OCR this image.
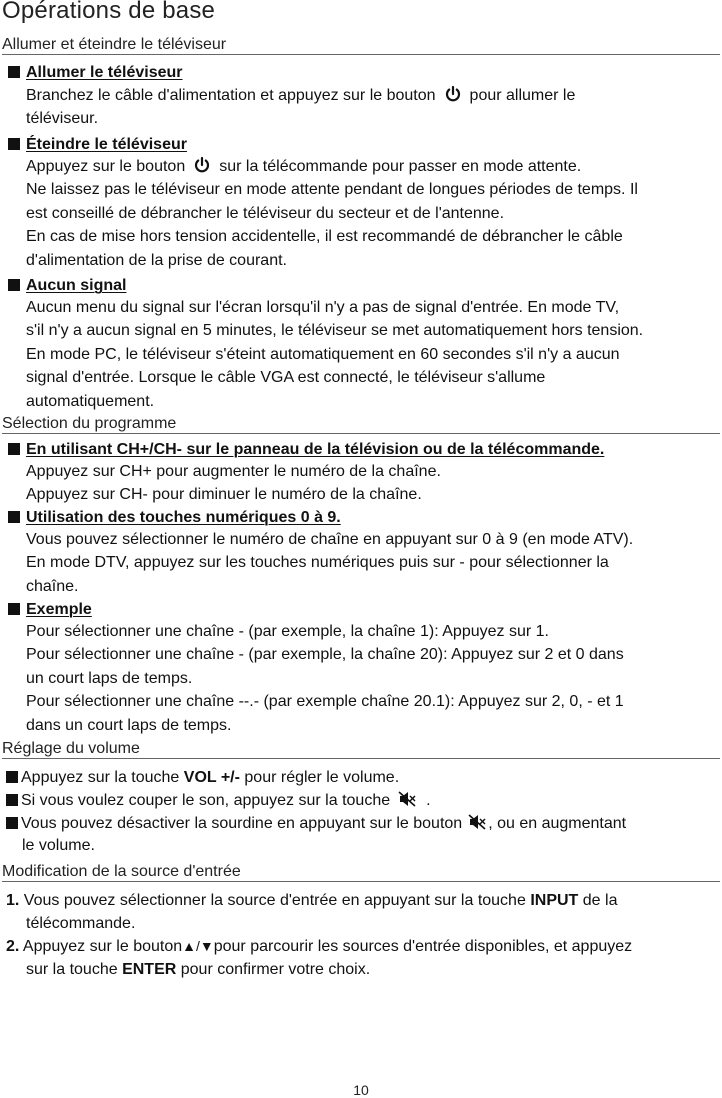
Opérations de base
Allumer et éteindre le téléviseur
Allumer le téléviseur
Branchez le câble d'alimentation et appuyez sur le bouton pour allumer le
téléviseur.
Éteindre le téléviseur
Appuyez sur le bouton sur la télécommande pour passer en mode attente.
Ne laissez pas le téléviseur en mode attente pendant de longues périodes de temps. Il
est conseillé de débrancher le téléviseur du secteur et de l'antenne.
En cas de mise hors tension accidentelle, il est recommandé de débrancher le câble
d'alimentation de la prise de courant.
Aucun signal
Aucun menu du signal sur l'écran lorsqu'il n'y a pas de signal d'entrée. En mode TV,
s'il n'y a aucun signal en 5 minutes, le téléviseur se met automatiquement hors tension.
En mode PC, le téléviseur s'éteint automatiquement en 60 secondes s'il n'y a aucun
signal d'entrée. Lorsque le câble VGA est connecté, le téléviseur s'allume
automatiquement.
Sélection du programme
En utilisant CH+/CH- sur le panneau de la télévision ou de la télécommande.
Appuyez sur CH+ pour augmenter le numéro de la chaîne.
Appuyez sur CH- pour diminuer le numéro de la chaîne.
Utilisation des touches numériques 0 à 9.
Vous pouvez sélectionner le numéro de chaîne en appuyant sur 0 à 9 (en mode ATV).
En mode DTV, appuyez sur les touches numériques puis sur - pour sélectionner la
chaîne.
Exemple
Pour sélectionner une chaîne - (par exemple, la chaîne 1): Appuyez sur 1.
Pour sélectionner une chaîne - (par exemple, la chaîne 20): Appuyez sur 2 et 0 dans
un court laps de temps.
Pour sélectionner une chaîne --.- (par exemple chaîne 20.1): Appuyez sur 2, 0, - et 1
dans un court laps de temps.
Réglage du volume
Appuyez sur la touche VOL +/- pour régler le volume.
Si vous voulez couper le son, appuyez sur la touche .
Vous pouvez désactiver la sourdine en appuyant sur le bouton , ou en augmentant
le volume.
Modification de la source d'entrée
1. Vous pouvez sélectionner la source d'entrée en appuyant sur la touche INPUT de la
télécommande.
2. Appuyez sur le bouton▲/▼pour parcourir les sources d'entrée disponibles, et appuyez
sur la touche ENTER pour confirmer votre choix.
10
